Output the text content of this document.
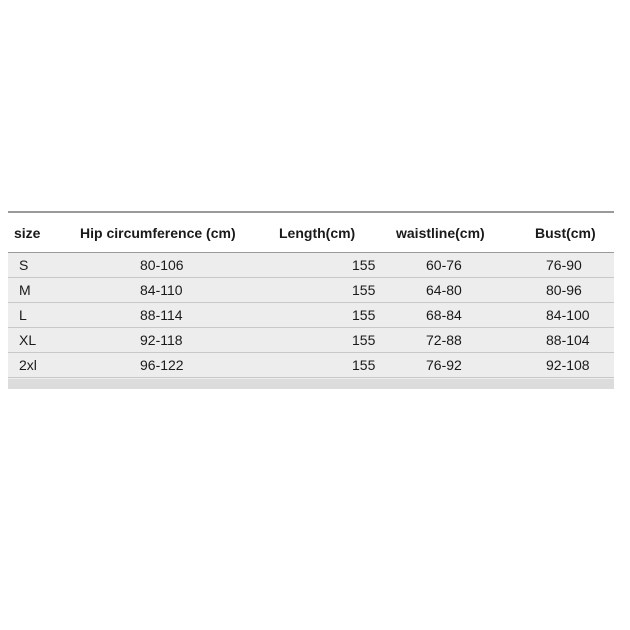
size	Hip circumference (cm)	Length(cm)	waistline(cm)	Bust(cm)
S	80-106	155	60-76	76-90
M	84-110	155	64-80	80-96
L	88-114	155	68-84	84-100
XL	92-118	155	72-88	88-104
2xl	96-122	155	76-92	92-108
